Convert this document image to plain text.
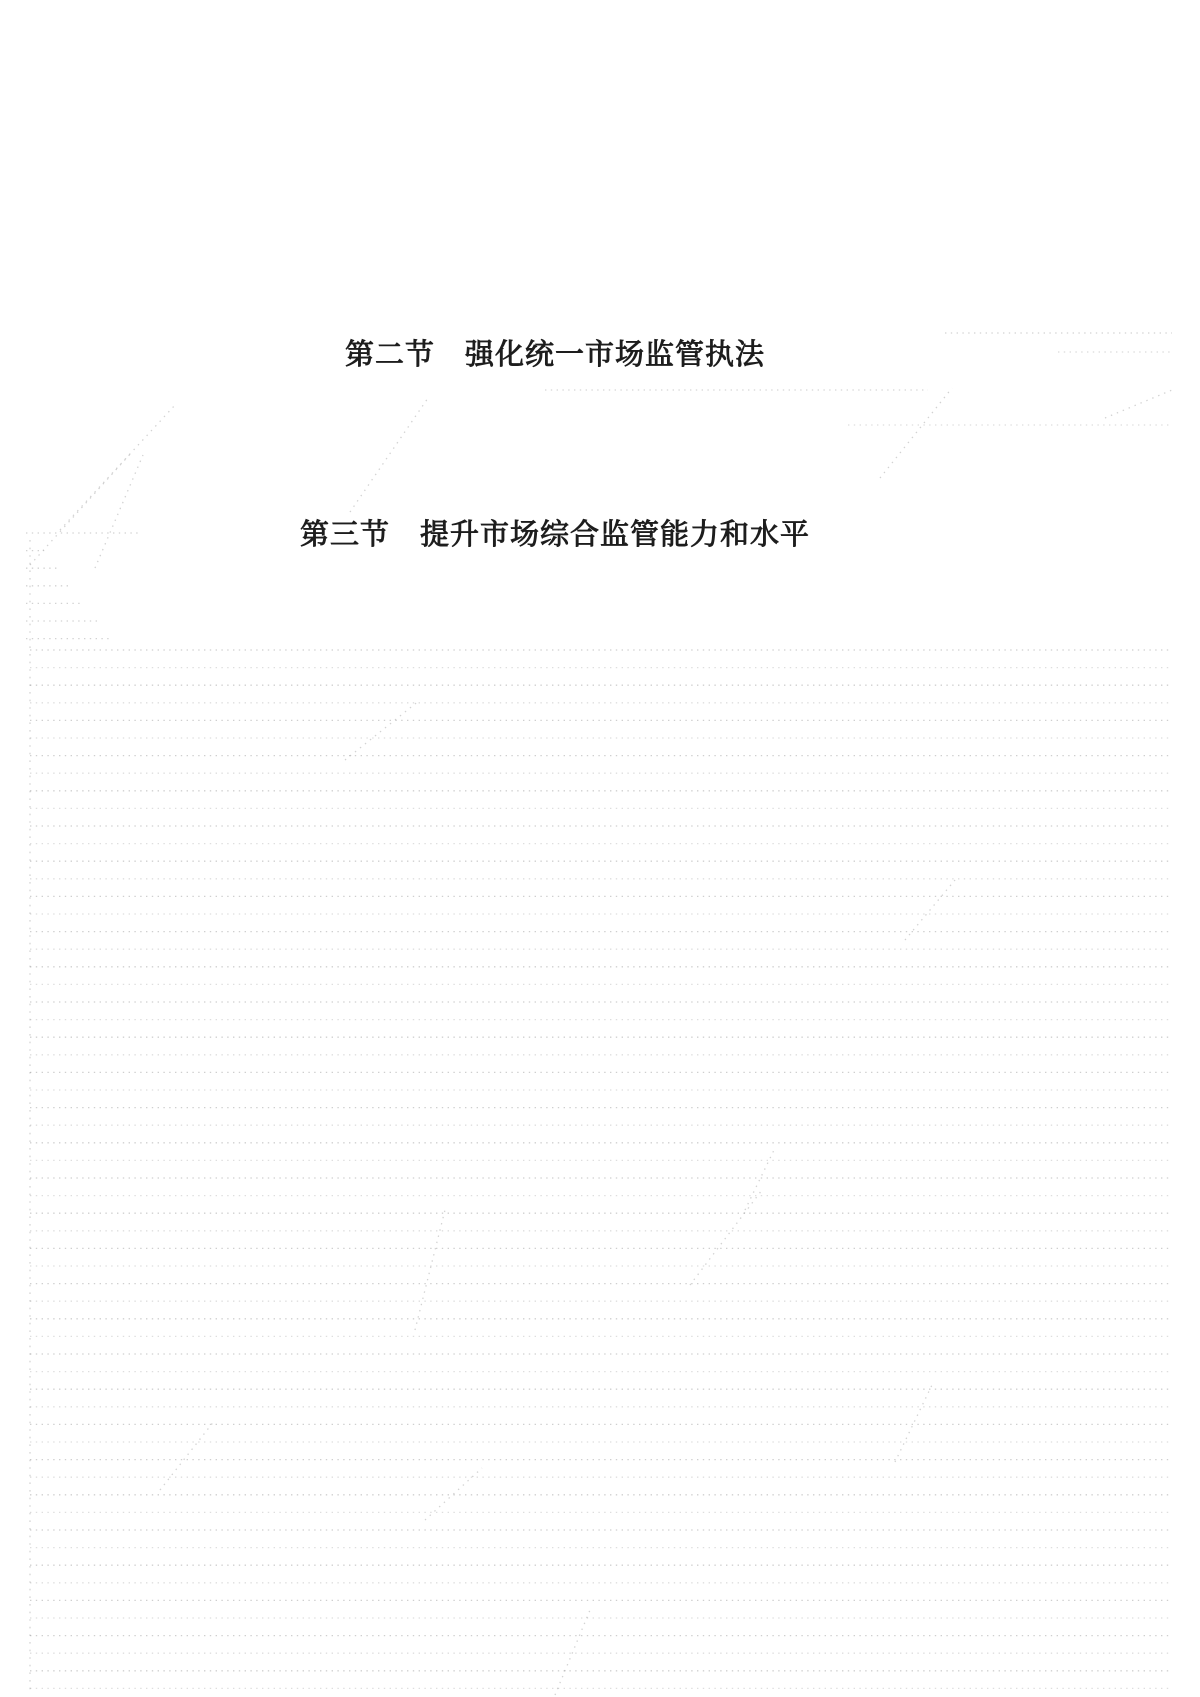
第二节　强化统一市场监管执法
第三节　提升市场综合监管能力和水平
